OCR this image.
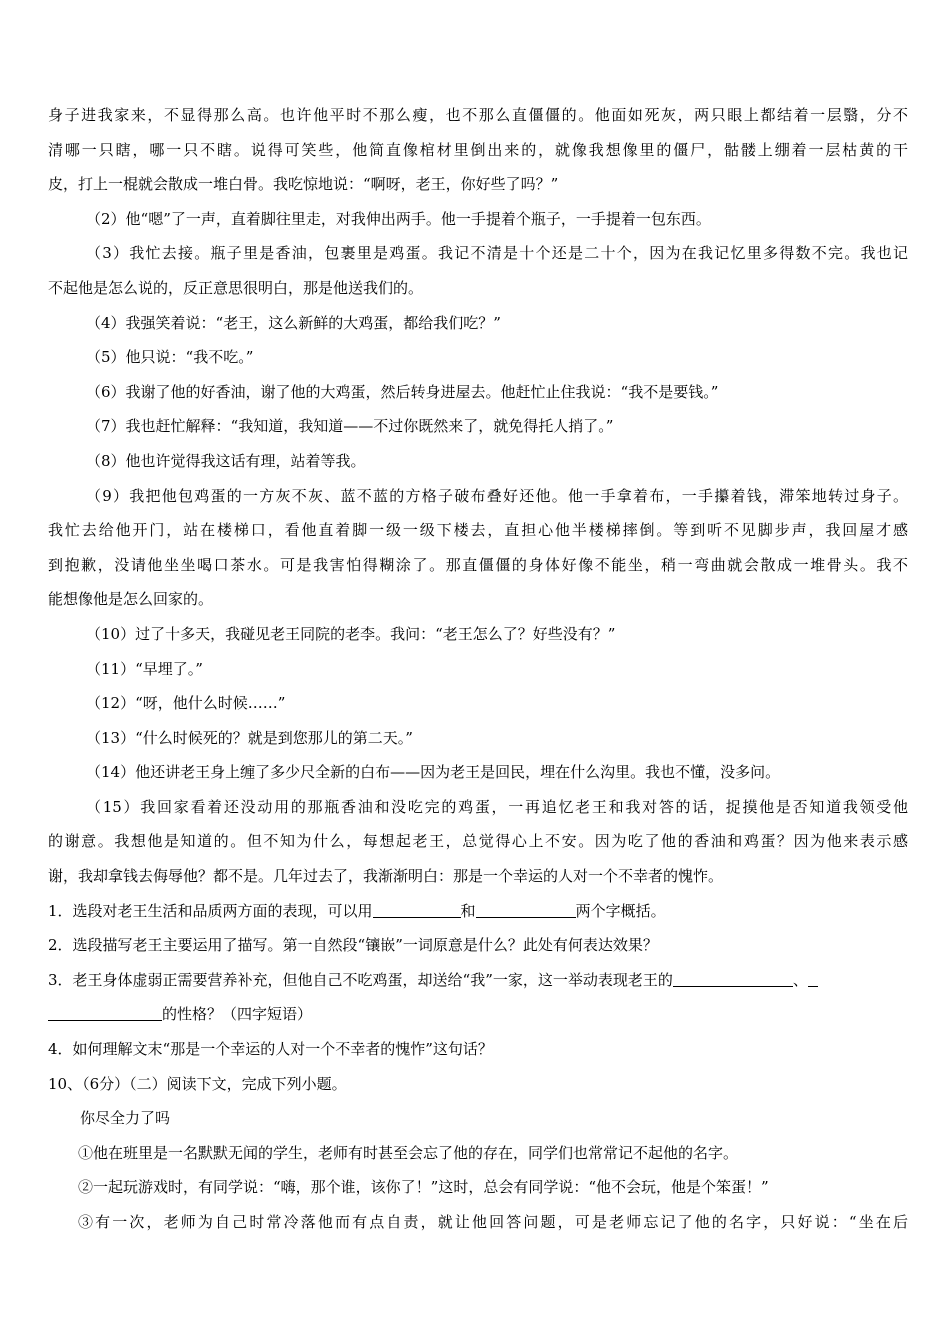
身子进我家来，不显得那么高。也许他平时不那么瘦，也不那么直僵僵的。他面如死灰，两只眼上都结着一层翳，分不
清哪一只瞎，哪一只不瞎。说得可笑些，他简直像棺材里倒出来的，就像我想像里的僵尸，骷髅上绷着一层枯黄的干
皮，打上一棍就会散成一堆白骨。我吃惊地说：“啊呀，老王，你好些了吗？”
（2）他“嗯”了一声，直着脚往里走，对我伸出两手。他一手提着个瓶子，一手提着一包东西。
（3）我忙去接。瓶子里是香油，包裹里是鸡蛋。我记不清是十个还是二十个，因为在我记忆里多得数不完。我也记
不起他是怎么说的，反正意思很明白，那是他送我们的。
（4）我强笑着说：“老王，这么新鲜的大鸡蛋，都给我们吃？”
（5）他只说：“我不吃。”
（6）我谢了他的好香油，谢了他的大鸡蛋，然后转身进屋去。他赶忙止住我说：“我不是要钱。”
（7）我也赶忙解释：“我知道，我知道——不过你既然来了，就免得托人捎了。”
（8）他也许觉得我这话有理，站着等我。
（9）我把他包鸡蛋的一方灰不灰、蓝不蓝的方格子破布叠好还他。他一手拿着布，一手攥着钱，滞笨地转过身子。
我忙去给他开门，站在楼梯口，看他直着脚一级一级下楼去，直担心他半楼梯摔倒。等到听不见脚步声，我回屋才感
到抱歉，没请他坐坐喝口茶水。可是我害怕得糊涂了。那直僵僵的身体好像不能坐，稍一弯曲就会散成一堆骨头。我不
能想像他是怎么回家的。
（10）过了十多天，我碰见老王同院的老李。我问：“老王怎么了？好些没有？”
（11）“早埋了。”
（12）“呀，他什么时候……”
（13）“什么时候死的？就是到您那儿的第二天。”
（14）他还讲老王身上缠了多少尺全新的白布——因为老王是回民，埋在什么沟里。我也不懂，没多问。
（15）我回家看着还没动用的那瓶香油和没吃完的鸡蛋，一再追忆老王和我对答的话，捉摸他是否知道我领受他
的谢意。我想他是知道的。但不知为什么，每想起老王，总觉得心上不安。因为吃了他的香油和鸡蛋？因为他来表示感
谢，我却拿钱去侮辱他？都不是。几年过去了，我渐渐明白：那是一个幸运的人对一个不幸者的愧怍。
1．选段对老王生活和品质两方面的表现，可以用	和	两个字概括。
2．选段描写老王主要运用了描写。第一自然段“镶嵌”一词原意是什么？此处有何表达效果？
3．老王身体虚弱正需要营养补充，但他自己不吃鸡蛋，却送给“我”一家，这一举动表现老王的	、
的性格？（四字短语）
4．如何理解文末“那是一个幸运的人对一个不幸者的愧怍”这句话？
10、（6分）（二）阅读下文，完成下列小题。
你尽全力了吗
①他在班里是一名默默无闻的学生，老师有时甚至会忘了他的存在，同学们也常常记不起他的名字。
②一起玩游戏时，有同学说：“嗨，那个谁，该你了！”这时，总会有同学说：“他不会玩，他是个笨蛋！”
③有一次，老师为自己时常冷落他而有点自责，就让他回答问题，可是老师忘记了他的名字，只好说：“坐在后
